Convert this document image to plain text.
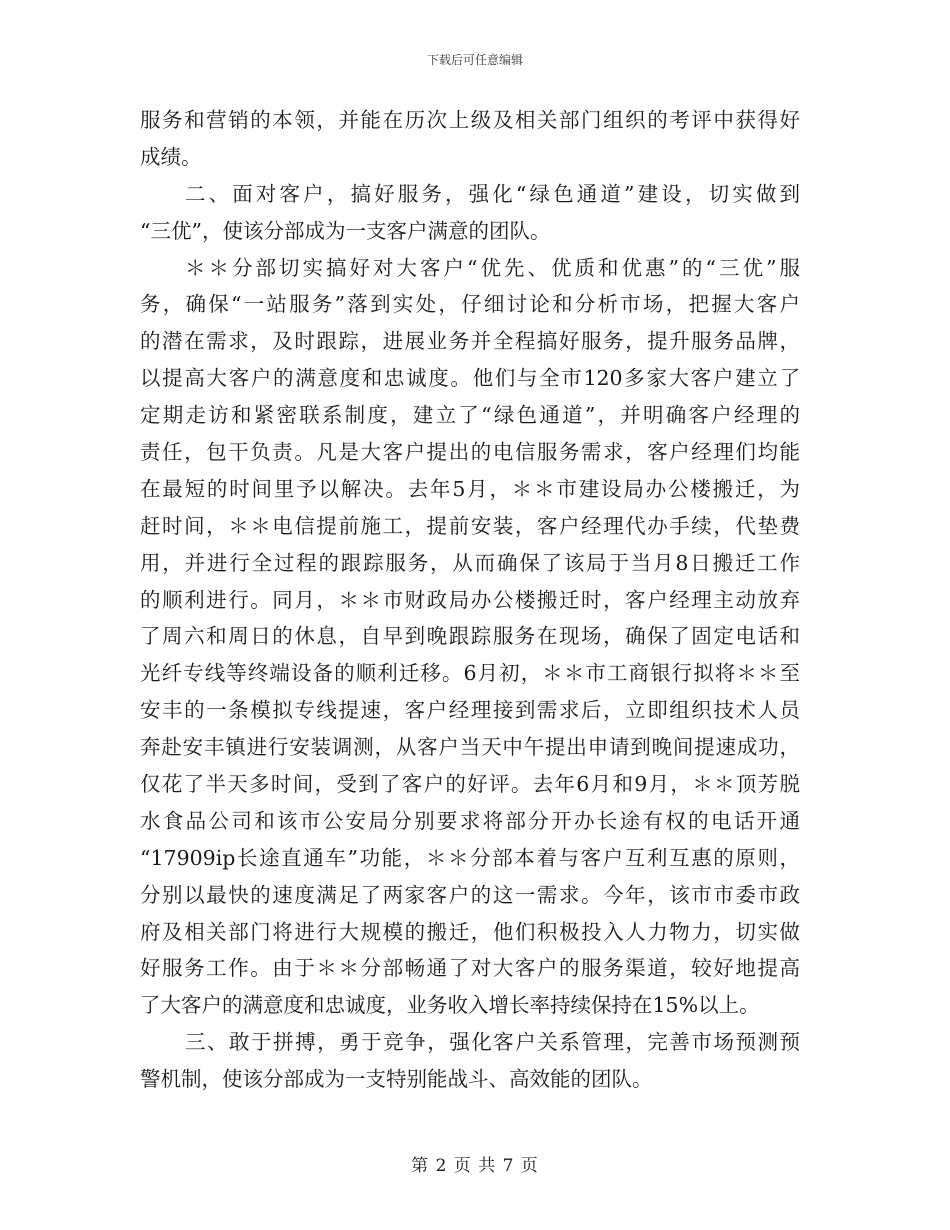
下载后可任意编辑
服务和营销的本领，并能在历次上级及相关部门组织的考评中获得好
成绩。
二、面对客户，搞好服务，强化“绿色通道”建设，切实做到
“三优”，使该分部成为一支客户满意的团队。
＊＊分部切实搞好对大客户“优先、优质和优惠”的“三优”服
务，确保“一站服务”落到实处，仔细讨论和分析市场，把握大客户
的潜在需求，及时跟踪，进展业务并全程搞好服务，提升服务品牌，
以提高大客户的满意度和忠诚度。他们与全市120多家大客户建立了
定期走访和紧密联系制度，建立了“绿色通道”，并明确客户经理的
责任，包干负责。凡是大客户提出的电信服务需求，客户经理们均能
在最短的时间里予以解决。去年5月，＊＊市建设局办公楼搬迁，为
赶时间，＊＊电信提前施工，提前安装，客户经理代办手续，代垫费
用，并进行全过程的跟踪服务，从而确保了该局于当月8日搬迁工作
的顺利进行。同月，＊＊市财政局办公楼搬迁时，客户经理主动放弃
了周六和周日的休息，自早到晚跟踪服务在现场，确保了固定电话和
光纤专线等终端设备的顺利迁移。6月初，＊＊市工商银行拟将＊＊至
安丰的一条模拟专线提速，客户经理接到需求后，立即组织技术人员
奔赴安丰镇进行安装调测，从客户当天中午提出申请到晚间提速成功，
仅花了半天多时间，受到了客户的好评。去年6月和9月，＊＊顶芳脱
水食品公司和该市公安局分别要求将部分开办长途有权的电话开通
“17909ip长途直通车”功能，＊＊分部本着与客户互利互惠的原则，
分别以最快的速度满足了两家客户的这一需求。今年，该市市委市政
府及相关部门将进行大规模的搬迁，他们积极投入人力物力，切实做
好服务工作。由于＊＊分部畅通了对大客户的服务渠道，较好地提高
了大客户的满意度和忠诚度，业务收入增长率持续保持在15%以上。
三、敢于拼搏，勇于竞争，强化客户关系管理，完善市场预测预
警机制，使该分部成为一支特别能战斗、高效能的团队。
第 2 页 共 7 页
